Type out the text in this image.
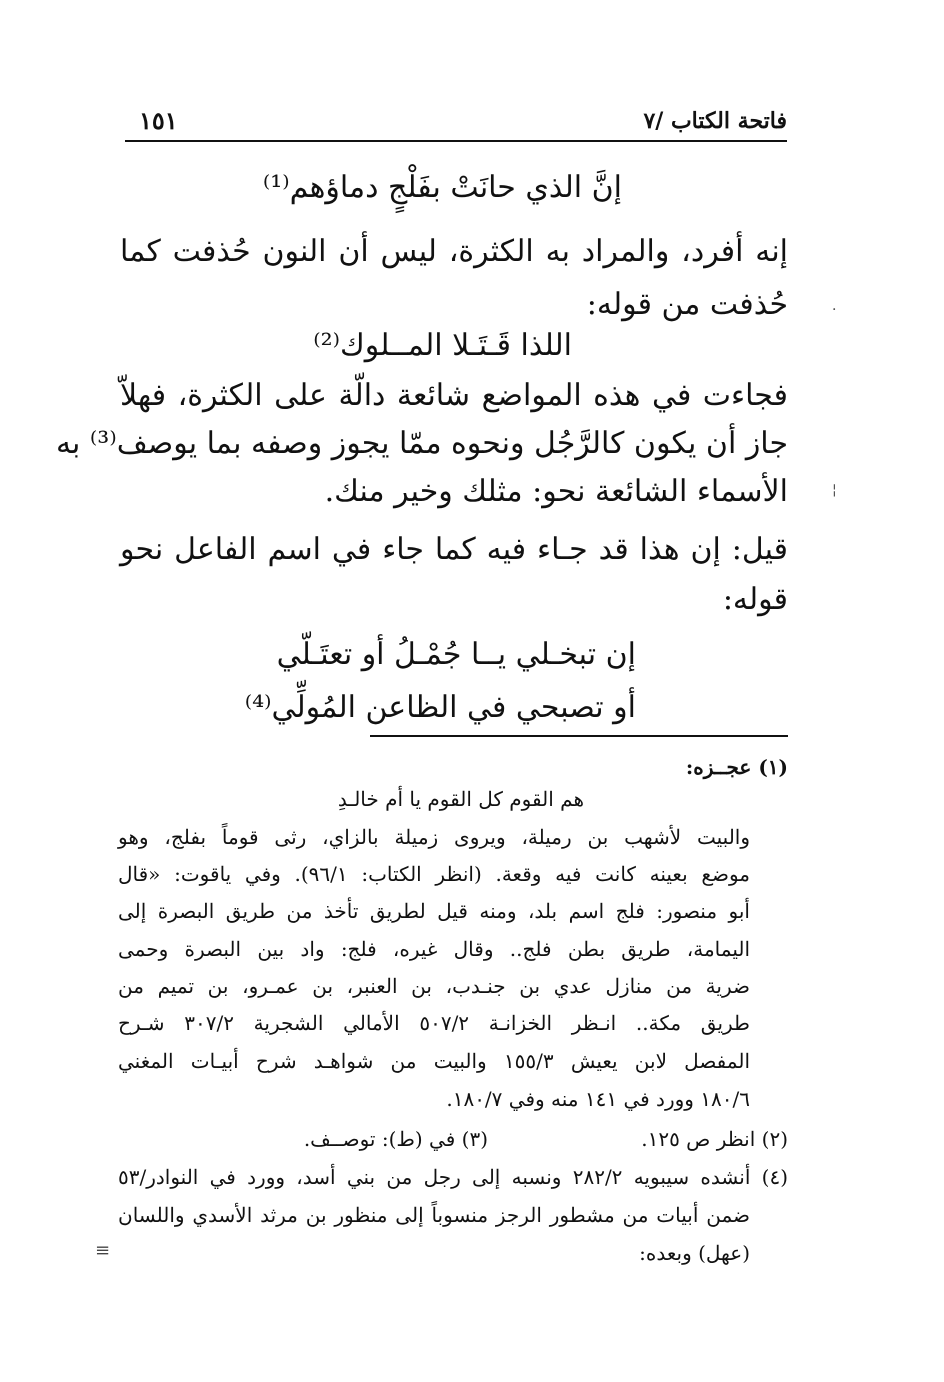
فاتحة الكتاب /٧
١٥١
إنَّ الذي حانَتْ بفَلْجٍ دماؤهم⁽¹⁾
إنه أفرد، والمراد به الكثرة، ليس أن النون حُذفت كما
حُذفت من قوله:
اللذا قَـتَـلا المــلوك⁽²⁾
فجاءت في هذه المواضع شائعة دالّة على الكثرة، فهلاّ
جاز أن يكون كالرَّجُل ونحوه ممّا يجوز وصفه بما يوصف⁽³⁾ به
الأسماء الشائعة نحو: مثلك وخير منك.
قيل: إن هذا قد جـاء فيه كما جاء في اسم الفاعل نحو
قوله:
إن تبخـلي يــا جُمْـلُ أو تعتَـلّي
أو تصبحي في الظاعن المُولِّي⁽⁴⁾
(١) عجــزه:
هم القوم كل القوم يا أم خالـدِ
والبيت لأشهب بن رميلة، ويروى زميلة بالزاي، رثى قوماً بفلج، وهو
موضع بعينه كانت فيه وقعة. (انظر الكتاب: ٩٦/١). وفي ياقوت: «قال
أبو منصور: فلج اسم بلد، ومنه قيل لطريق تأخذ من طريق البصرة إلى
اليمامة، طريق بطن فلج.. وقال غيره، فلج: واد بين البصرة وحمى
ضرية من منازل عدي بن جنـدب، بن العنبر، بن عمـرو، بن تميم من
طريق مكة.. انـظر الخزانـة ٥٠٧/٢ الأمالي الشجرية ٣٠٧/٢ شـرح
المفصل لابن يعيش ١٥٥/٣ والبيت من شواهـد شرح أبيـات المغني
١٨٠/٦ وورد في ١٤١ منه وفي ١٨٠/٧.
(٢) انظر ص ١٢٥.
(٣) في (ط): توصــف.
(٤) أنشده سيبويه ٢٨٢/٢ ونسبه إلى رجل من بني أسد، وورد في النوادر/٥٣
ضمن أبيات من مشطور الرجز منسوباً إلى منظور بن مرثد الأسدي واللسان
(عهل) وبعده:
·
¦
≡
